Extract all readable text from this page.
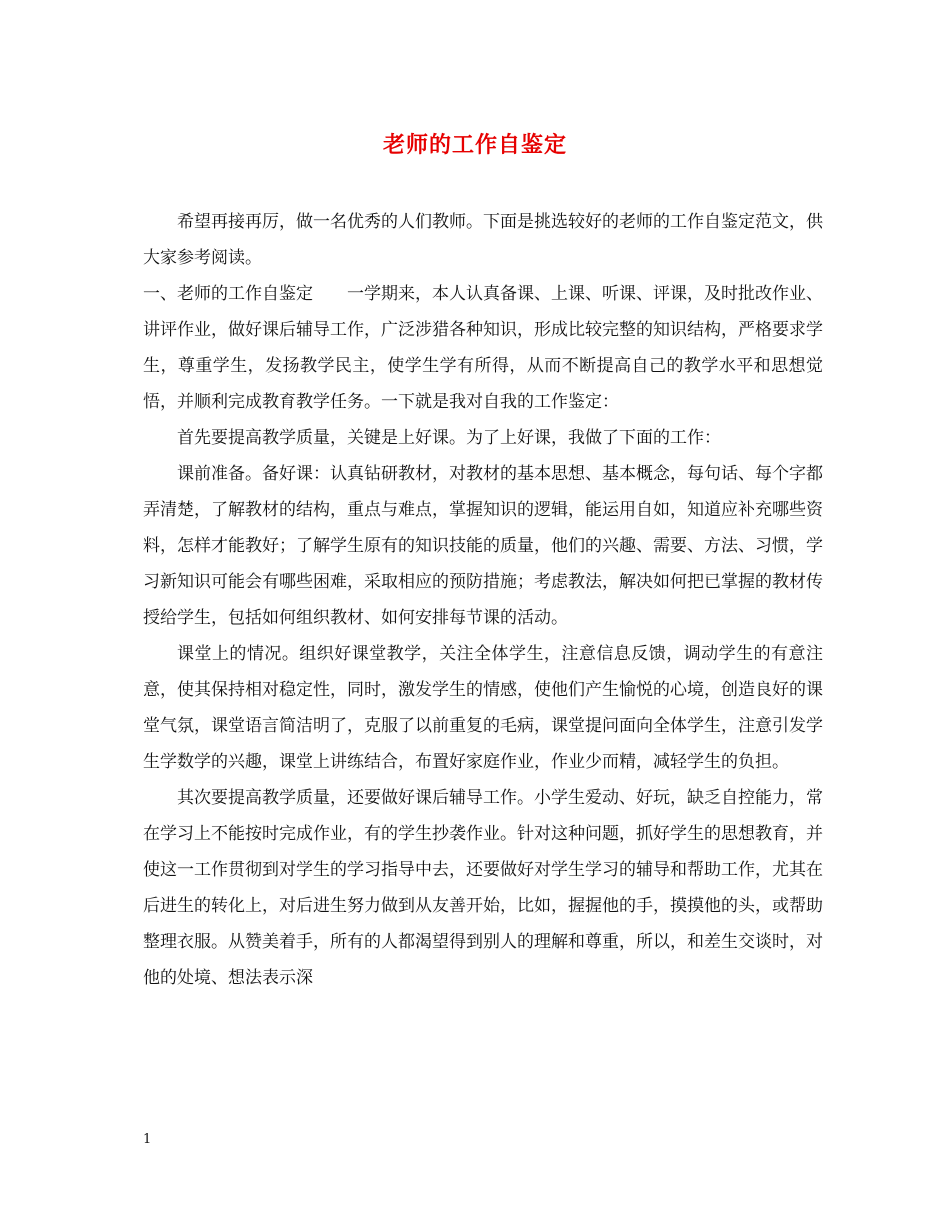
老师的工作自鉴定

希望再接再厉，做一名优秀的人们教师。下面是挑选较好的老师的工作自鉴定范文，供大家参考阅读。

一、老师的工作自鉴定　　一学期来，本人认真备课、上课、听课、评课，及时批改作业、讲评作业，做好课后辅导工作，广泛涉猎各种知识，形成比较完整的知识结构，严格要求学生，尊重学生，发扬教学民主，使学生学有所得，从而不断提高自己的教学水平和思想觉悟，并顺利完成教育教学任务。一下就是我对自我的工作鉴定：

首先要提高教学质量，关键是上好课。为了上好课，我做了下面的工作：

课前准备。备好课：认真钻研教材，对教材的基本思想、基本概念，每句话、每个字都弄清楚，了解教材的结构，重点与难点，掌握知识的逻辑，能运用自如，知道应补充哪些资料，怎样才能教好；了解学生原有的知识技能的质量，他们的兴趣、需要、方法、习惯，学习新知识可能会有哪些困难，采取相应的预防措施；考虑教法，解决如何把已掌握的教材传授给学生，包括如何组织教材、如何安排每节课的活动。

课堂上的情况。组织好课堂教学，关注全体学生，注意信息反馈，调动学生的有意注意，使其保持相对稳定性，同时，激发学生的情感，使他们产生愉悦的心境，创造良好的课堂气氛，课堂语言简洁明了，克服了以前重复的毛病，课堂提问面向全体学生，注意引发学生学数学的兴趣，课堂上讲练结合，布置好家庭作业，作业少而精，减轻学生的负担。

其次要提高教学质量，还要做好课后辅导工作。小学生爱动、好玩，缺乏自控能力，常在学习上不能按时完成作业，有的学生抄袭作业。针对这种问题，抓好学生的思想教育，并使这一工作贯彻到对学生的学习指导中去，还要做好对学生学习的辅导和帮助工作，尤其在后进生的转化上，对后进生努力做到从友善开始，比如，握握他的手，摸摸他的头，或帮助整理衣服。从赞美着手，所有的人都渴望得到别人的理解和尊重，所以，和差生交谈时，对他的处境、想法表示深

1
